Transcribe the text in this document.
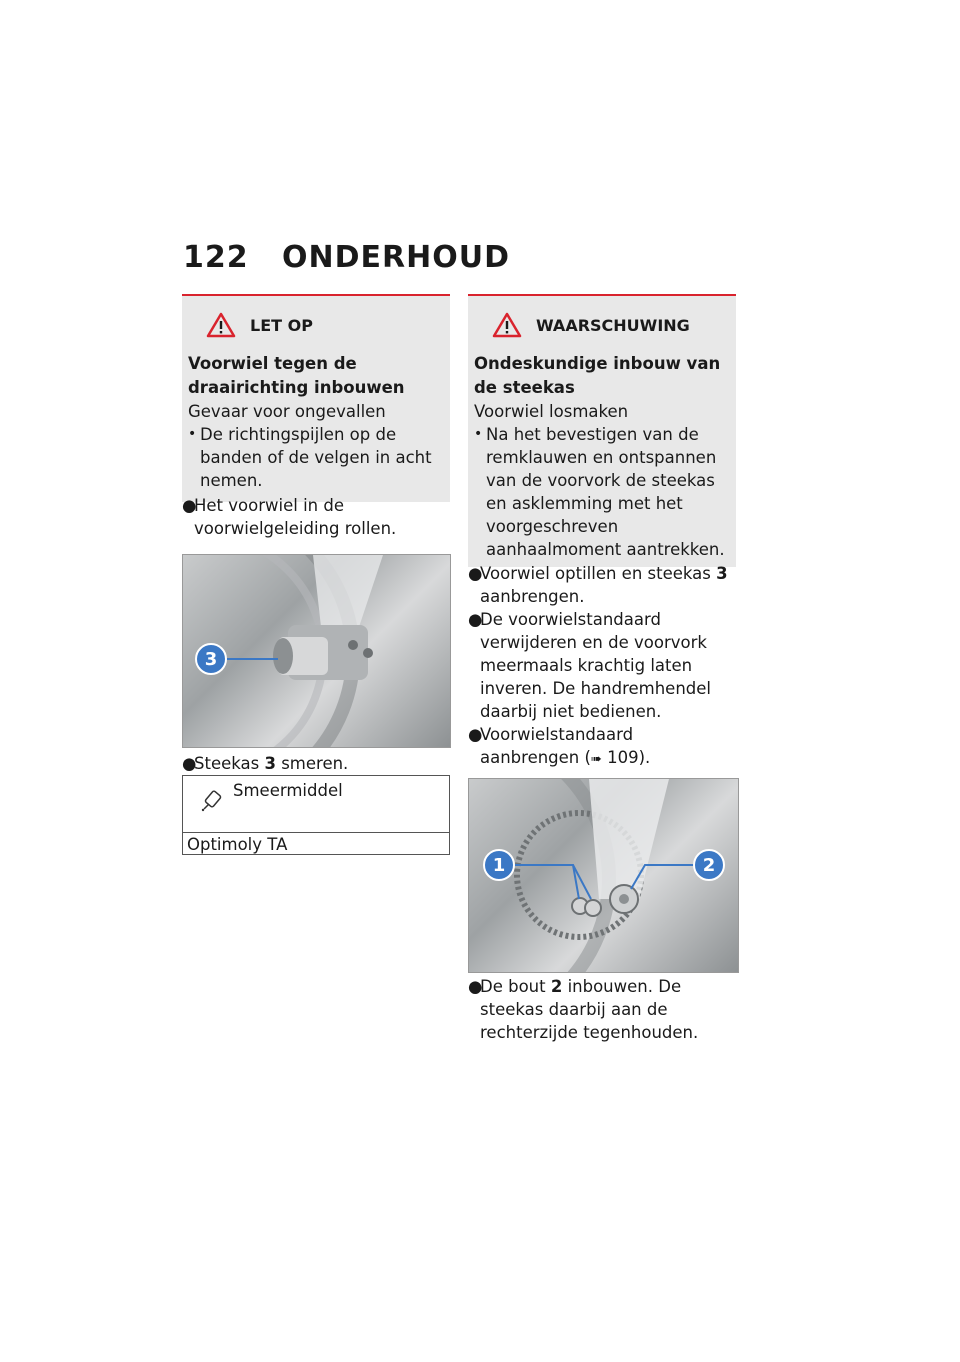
122 ONDERHOUD
LET OP
Voorwiel tegen de draairichting inbouwen
Gevaar voor ongevallen
• De richtingspijlen op de banden of de velgen in acht nemen.
●
Het voorwiel in de voorwielgeleiding rollen.
3
●
Steekas 3 smeren.
Smeermiddel
Optimoly TA
WAARSCHUWING
Ondeskundige inbouw van de steekas
Voorwiel losmaken
• Na het bevestigen van de remklauwen en ontspannen van de voorvork de steekas en asklemming met het voorgeschreven aanhaalmoment aantrekken.
●
Voorwiel optillen en steekas 3 aanbrengen.
●
De voorwielstandaard verwijderen en de voorvork meermaals krachtig laten inveren. De handremhendel daarbij niet bedienen.
●
Voorwielstandaard aanbrengen (➠ 109).
1	2
●
De bout 2 inbouwen. De steekas daarbij aan de rechterzijde tegenhouden.
